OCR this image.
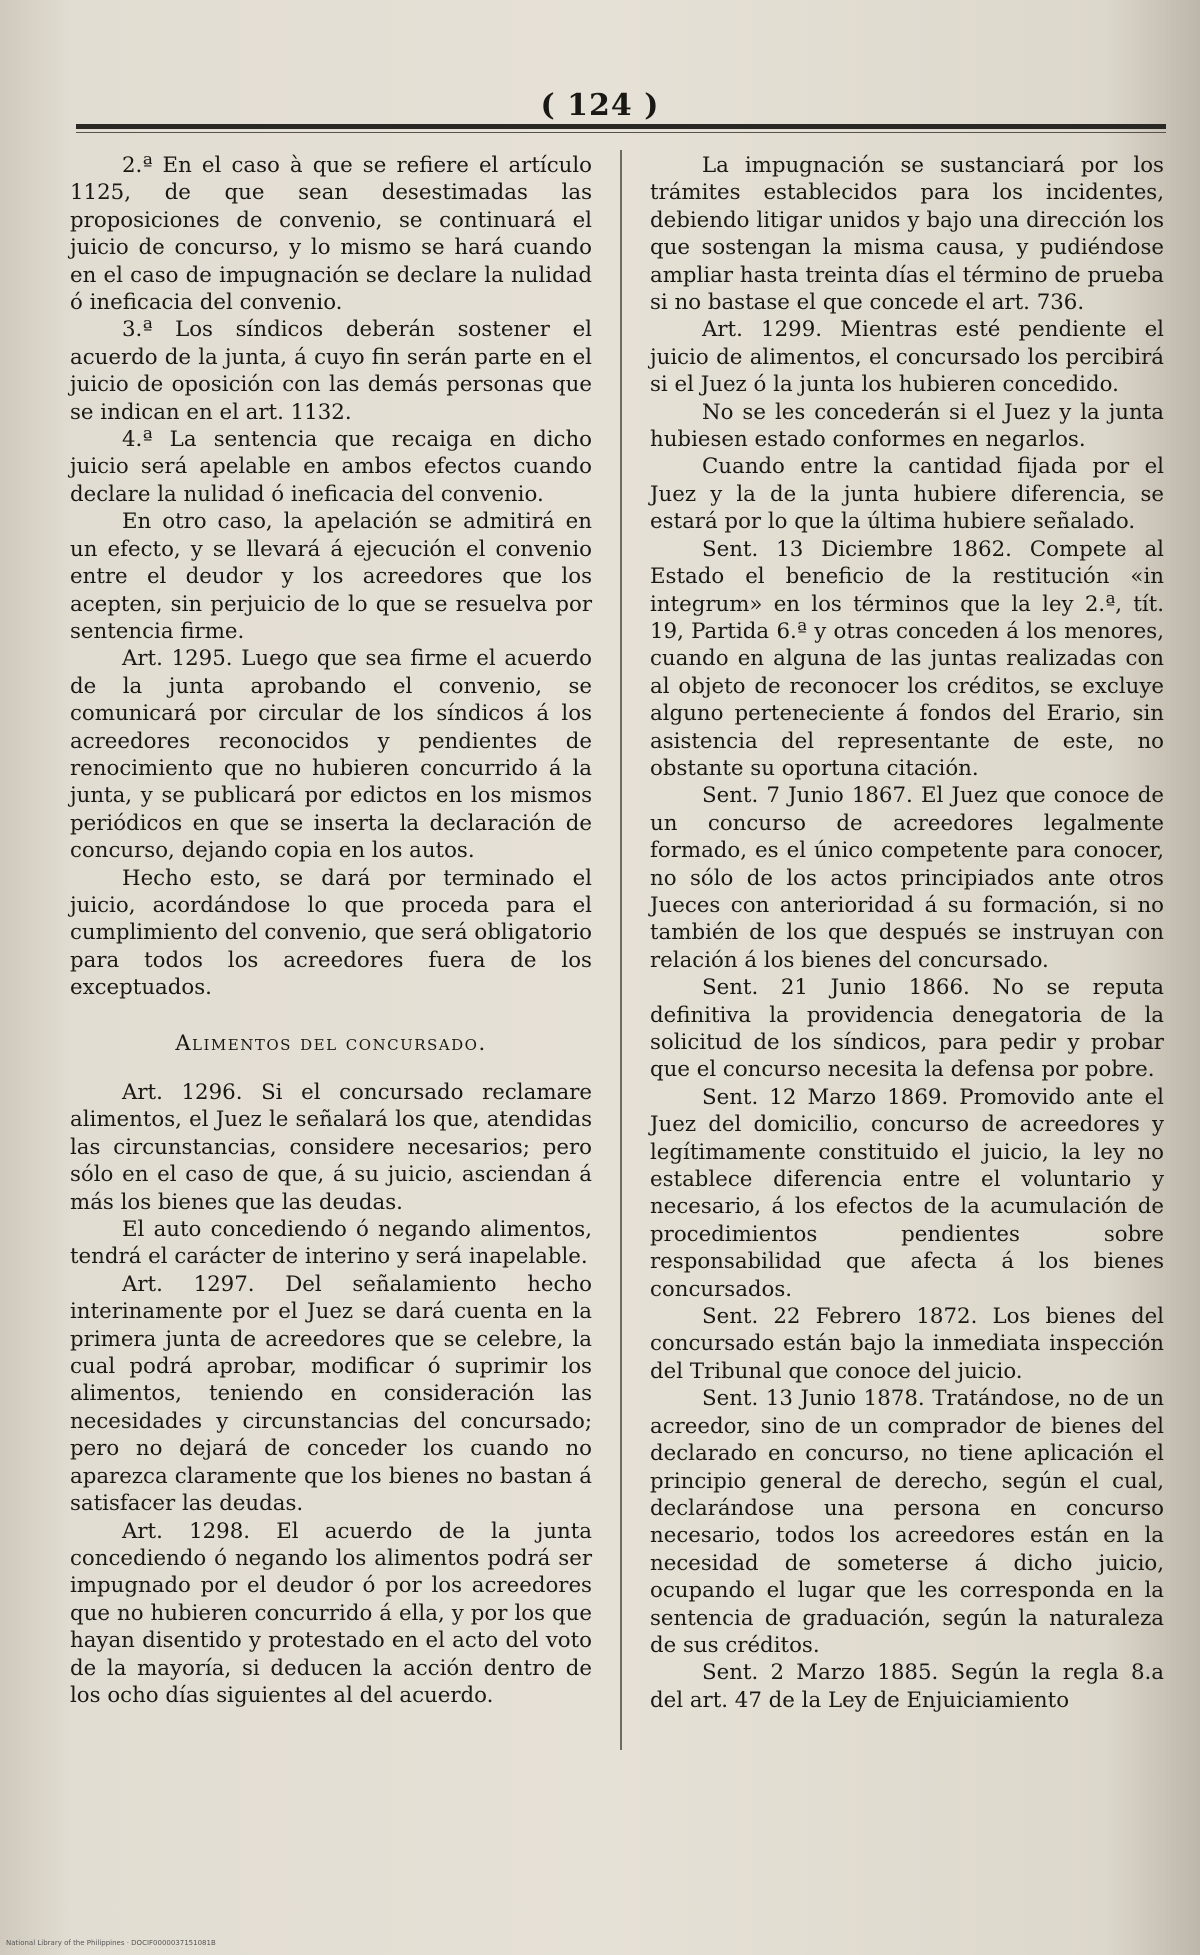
( 124 )

2.ª En el caso à que se refiere el artículo 1125, de que sean desestimadas las proposiciones de convenio, se continuará el juicio de concurso, y lo mismo se hará cuando en el caso de impugnación se declare la nulidad ó ineficacia del convenio.

3.ª Los síndicos deberán sostener el acuerdo de la junta, á cuyo fin serán parte en el juicio de oposición con las demás personas que se indican en el art. 1132.

4.ª La sentencia que recaiga en dicho juicio será apelable en ambos efectos cuando declare la nulidad ó ineficacia del convenio.

En otro caso, la apelación se admitirá en un efecto, y se llevará á ejecución el convenio entre el deudor y los acreedores que los acepten, sin perjuicio de lo que se resuelva por sentencia firme.

Art. 1295. Luego que sea firme el acuerdo de la junta aprobando el convenio, se comunicará por circular de los síndicos á los acreedores reconocidos y pendientes de renocimiento que no hubieren concurrido á la junta, y se publicará por edictos en los mismos periódicos en que se inserta la declaración de concurso, dejando copia en los autos.

Hecho esto, se dará por terminado el juicio, acordándose lo que proceda para el cumplimiento del convenio, que será obligatorio para todos los acreedores fuera de los exceptuados.

Alimentos del concursado.

Art. 1296. Si el concursado reclamare alimentos, el Juez le señalará los que, atendidas las circunstancias, considere necesarios; pero sólo en el caso de que, á su juicio, asciendan á más los bienes que las deudas.

El auto concediendo ó negando alimentos, tendrá el carácter de interino y será inapelable.

Art. 1297. Del señalamiento hecho interinamente por el Juez se dará cuenta en la primera junta de acreedores que se celebre, la cual podrá aprobar, modificar ó suprimir los alimentos, teniendo en consideración las necesidades y circunstancias del concursado; pero no dejará de conceder los cuando no aparezca claramente que los bienes no bastan á satisfacer las deudas.

Art. 1298. El acuerdo de la junta concediendo ó negando los alimentos podrá ser impugnado por el deudor ó por los acreedores que no hubieren concurrido á ella, y por los que hayan disentido y protestado en el acto del voto de la mayoría, si deducen la acción dentro de los ocho días siguientes al del acuerdo.

La impugnación se sustanciará por los trámites establecidos para los incidentes, debiendo litigar unidos y bajo una dirección los que sostengan la misma causa, y pudiéndose ampliar hasta treinta días el término de prueba si no bastase el que concede el art. 736.

Art. 1299. Mientras esté pendiente el juicio de alimentos, el concursado los percibirá si el Juez ó la junta los hubieren concedido.

No se les concederán si el Juez y la junta hubiesen estado conformes en negarlos.

Cuando entre la cantidad fijada por el Juez y la de la junta hubiere diferencia, se estará por lo que la última hubiere señalado.

Sent. 13 Diciembre 1862. Compete al Estado el beneficio de la restitución «in integrum» en los términos que la ley 2.ª, tít. 19, Partida 6.ª y otras conceden á los menores, cuando en alguna de las juntas realizadas con al objeto de reconocer los créditos, se excluye alguno perteneciente á fondos del Erario, sin asistencia del representante de este, no obstante su oportuna citación.

Sent. 7 Junio 1867. El Juez que conoce de un concurso de acreedores legalmente formado, es el único competente para conocer, no sólo de los actos principiados ante otros Jueces con anterioridad á su formación, si no también de los que después se instruyan con relación á los bienes del concursado.

Sent. 21 Junio 1866. No se reputa definitiva la providencia denegatoria de la solicitud de los síndicos, para pedir y probar que el concurso necesita la defensa por pobre.

Sent. 12 Marzo 1869. Promovido ante el Juez del domicilio, concurso de acreedores y legítimamente constituido el juicio, la ley no establece diferencia entre el voluntario y necesario, á los efectos de la acumulación de procedimientos pendientes sobre responsabilidad que afecta á los bienes concursados.

Sent. 22 Febrero 1872. Los bienes del concursado están bajo la inmediata inspección del Tribunal que conoce del juicio.

Sent. 13 Junio 1878. Tratándose, no de un acreedor, sino de un comprador de bienes del declarado en concurso, no tiene aplicación el principio general de derecho, según el cual, declarándose una persona en concurso necesario, todos los acreedores están en la necesidad de someterse á dicho juicio, ocupando el lugar que les corresponda en la sentencia de graduación, según la naturaleza de sus créditos.

Sent. 2 Marzo 1885. Según la regla 8.a del art. 47 de la Ley de Enjuiciamiento

National Library of the Philippines · DOCIF0000037151081B
